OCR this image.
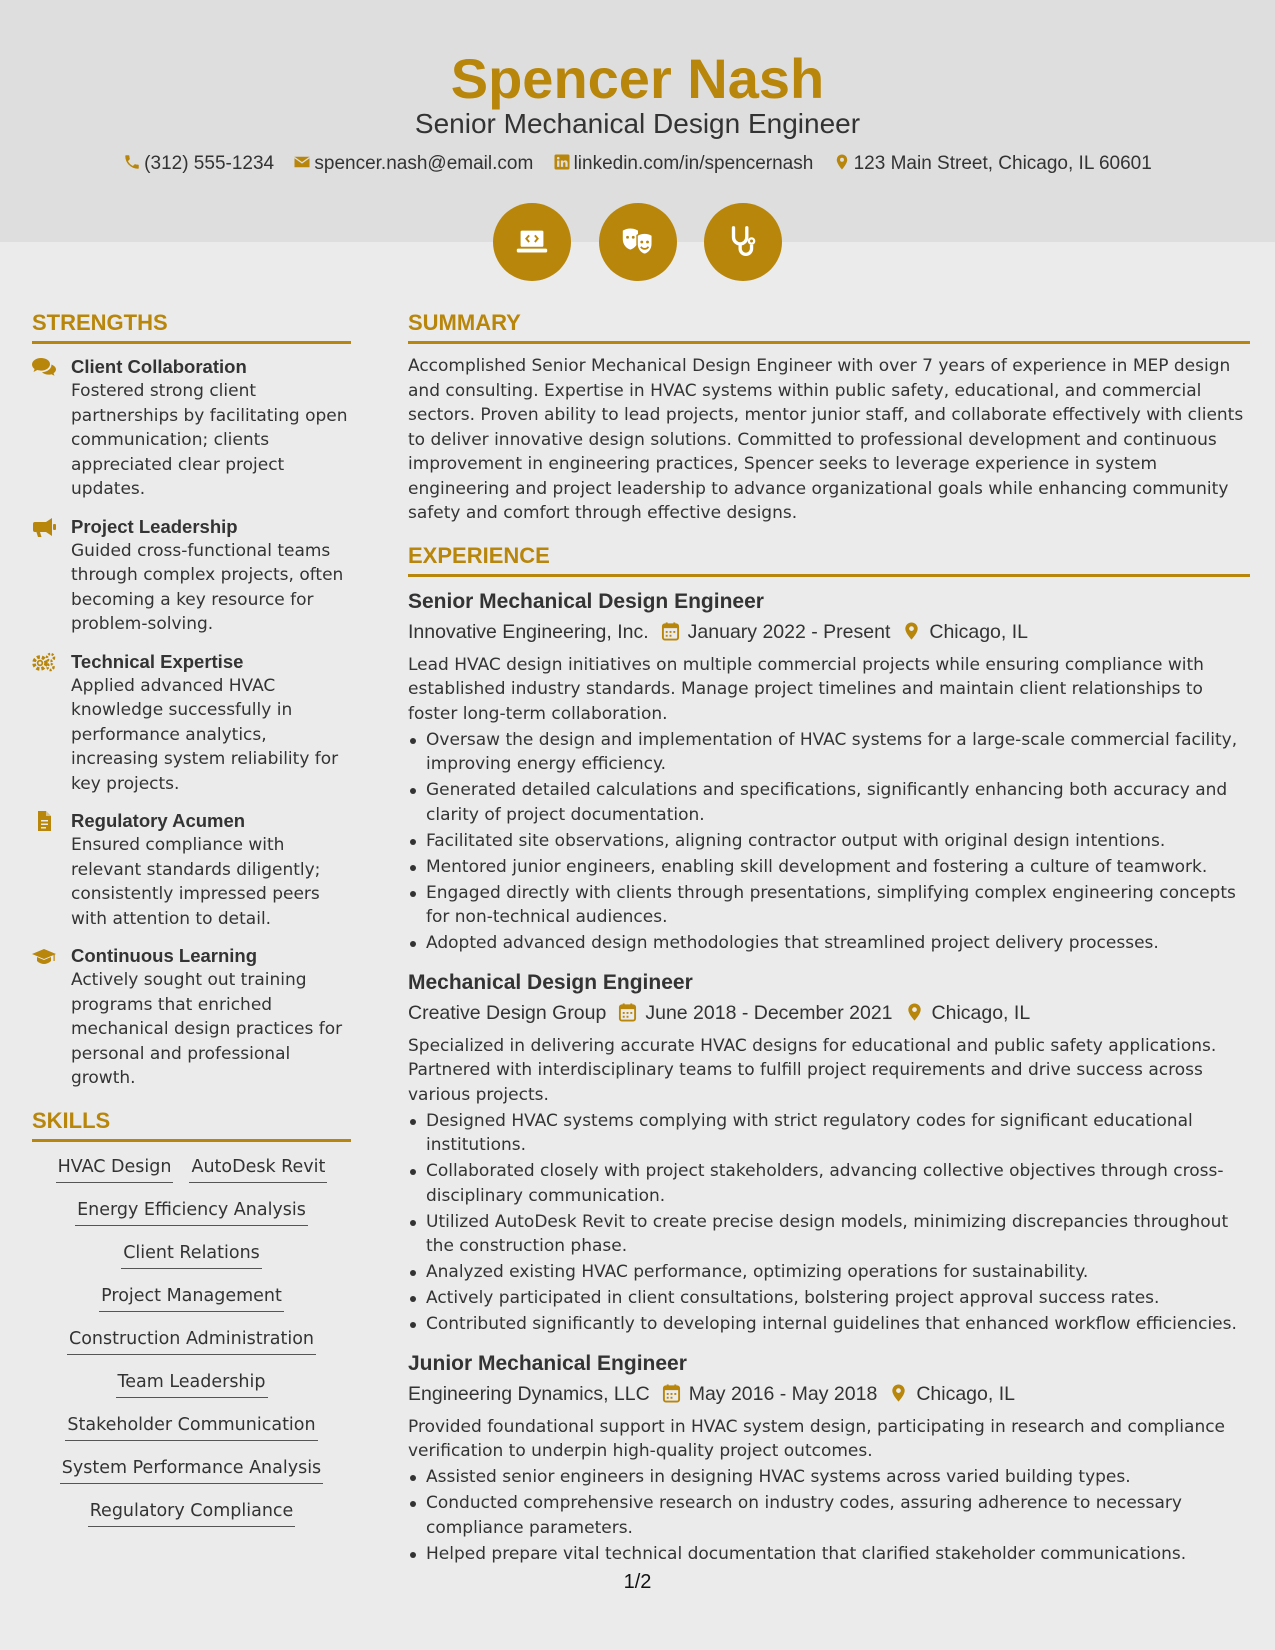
Spencer Nash
Senior Mechanical Design Engineer
(312) 555-1234 spencer.nash@email.com linkedin.com/in/spencernash 123 Main Street, Chicago, IL 60601

STRENGTHS
Client Collaboration
Fostered strong client partnerships by facilitating open communication; clients appreciated clear project updates.
Project Leadership
Guided cross-functional teams through complex projects, often becoming a key resource for problem-solving.
Technical Expertise
Applied advanced HVAC knowledge successfully in performance analytics, increasing system reliability for key projects.
Regulatory Acumen
Ensured compliance with relevant standards diligently; consistently impressed peers with attention to detail.
Continuous Learning
Actively sought out training programs that enriched mechanical design practices for personal and professional growth.
SKILLS
HVAC Design AutoDesk Revit
Energy Efficiency Analysis
Client Relations
Project Management
Construction Administration
Team Leadership
Stakeholder Communication
System Performance Analysis
Regulatory Compliance
SUMMARY
Accomplished Senior Mechanical Design Engineer with over 7 years of experience in MEP design and consulting. Expertise in HVAC systems within public safety, educational, and commercial sectors. Proven ability to lead projects, mentor junior staff, and collaborate effectively with clients to deliver innovative design solutions. Committed to professional development and continuous improvement in engineering practices, Spencer seeks to leverage experience in system engineering and project leadership to advance organizational goals while enhancing community safety and comfort through effective designs.
EXPERIENCE
Senior Mechanical Design Engineer
Innovative Engineering, Inc. January 2022 - Present Chicago, IL
Lead HVAC design initiatives on multiple commercial projects while ensuring compliance with established industry standards. Manage project timelines and maintain client relationships to foster long-term collaboration.
Oversaw the design and implementation of HVAC systems for a large-scale commercial facility, improving energy efficiency.
Generated detailed calculations and specifications, significantly enhancing both accuracy and clarity of project documentation.
Facilitated site observations, aligning contractor output with original design intentions.
Mentored junior engineers, enabling skill development and fostering a culture of teamwork.
Engaged directly with clients through presentations, simplifying complex engineering concepts for non-technical audiences.
Adopted advanced design methodologies that streamlined project delivery processes.
Mechanical Design Engineer
Creative Design Group June 2018 - December 2021 Chicago, IL
Specialized in delivering accurate HVAC designs for educational and public safety applications. Partnered with interdisciplinary teams to fulfill project requirements and drive success across various projects.
Designed HVAC systems complying with strict regulatory codes for significant educational institutions.
Collaborated closely with project stakeholders, advancing collective objectives through cross-disciplinary communication.
Utilized AutoDesk Revit to create precise design models, minimizing discrepancies throughout the construction phase.
Analyzed existing HVAC performance, optimizing operations for sustainability.
Actively participated in client consultations, bolstering project approval success rates.
Contributed significantly to developing internal guidelines that enhanced workflow efficiencies.
Junior Mechanical Engineer
Engineering Dynamics, LLC May 2016 - May 2018 Chicago, IL
Provided foundational support in HVAC system design, participating in research and compliance verification to underpin high-quality project outcomes.
Assisted senior engineers in designing HVAC systems across varied building types.
Conducted comprehensive research on industry codes, assuring adherence to necessary compliance parameters.
Helped prepare vital technical documentation that clarified stakeholder communications.
1/2
